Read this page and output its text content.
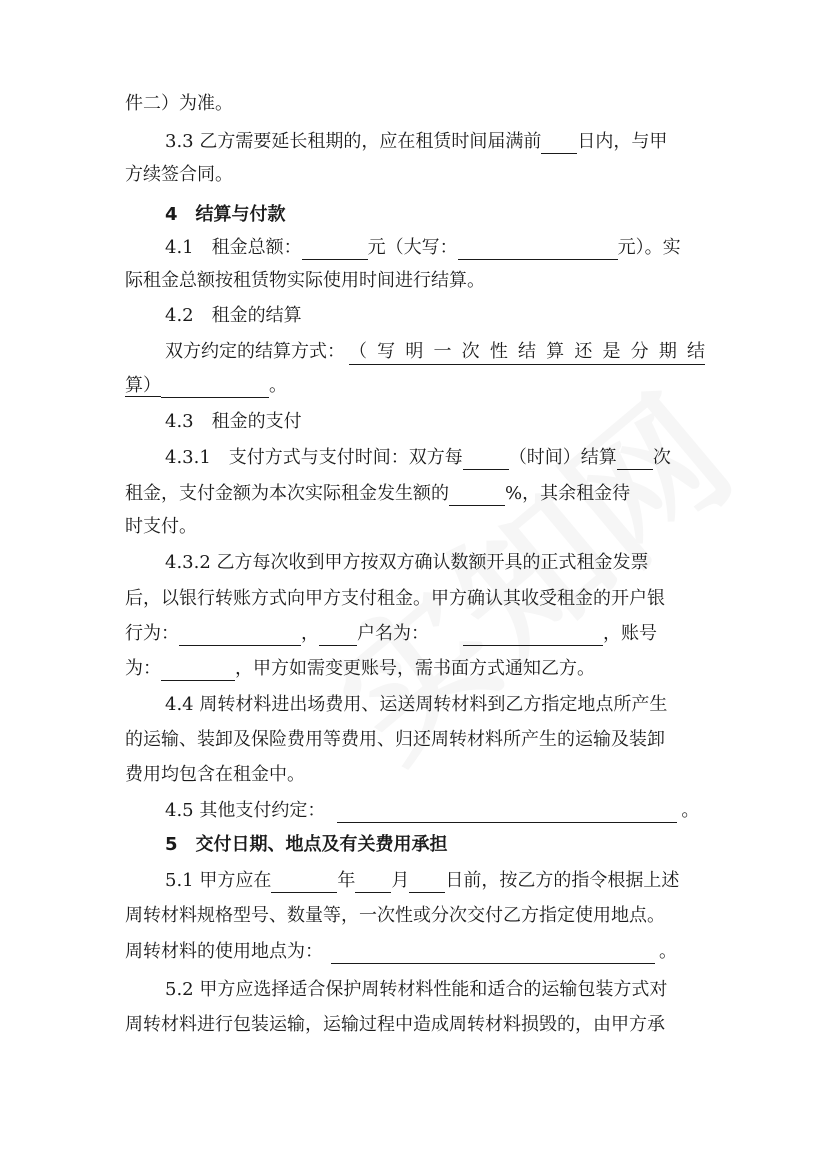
件二）为准。
3.3 乙方需要延长租期的，应在租赁时间届满前 日内，与甲
方续签合同。
4　结算与付款
4.1　租金总额：	元（大写：	元）。实
际租金总额按租赁物实际使用时间进行结算。
4.2　租金的结算
双方约定的结算方式： （写明一次性结算还是分期结
算）	。
4.3　租金的支付
4.3.1　支付方式与支付时间：双方每	（时间）结算 次
租金，支付金额为本次实际租金发生额的	%，其余租金待
时支付。
4.3.2 乙方每次收到甲方按双方确认数额开具的正式租金发票
后，以银行转账方式向甲方支付租金。甲方确认其收受租金的开户银
行为：	， 户名为：	，账号
为：	，甲方如需变更账号，需书面方式通知乙方。
4.4 周转材料进出场费用、运送周转材料到乙方指定地点所产生
的运输、装卸及保险费用等费用、归还周转材料所产生的运输及装卸
费用均包含在租金中。
4.5 其他支付约定：	。
5　交付日期、地点及有关费用承担
5.1 甲方应在	年 月 日前，按乙方的指令根据上述
周转材料规格型号、数量等，一次性或分次交付乙方指定使用地点。
周转材料的使用地点为：	。
5.2 甲方应选择适合保护周转材料性能和适合的运输包装方式对
周转材料进行包装运输，运输过程中造成周转材料损毁的，由甲方承
